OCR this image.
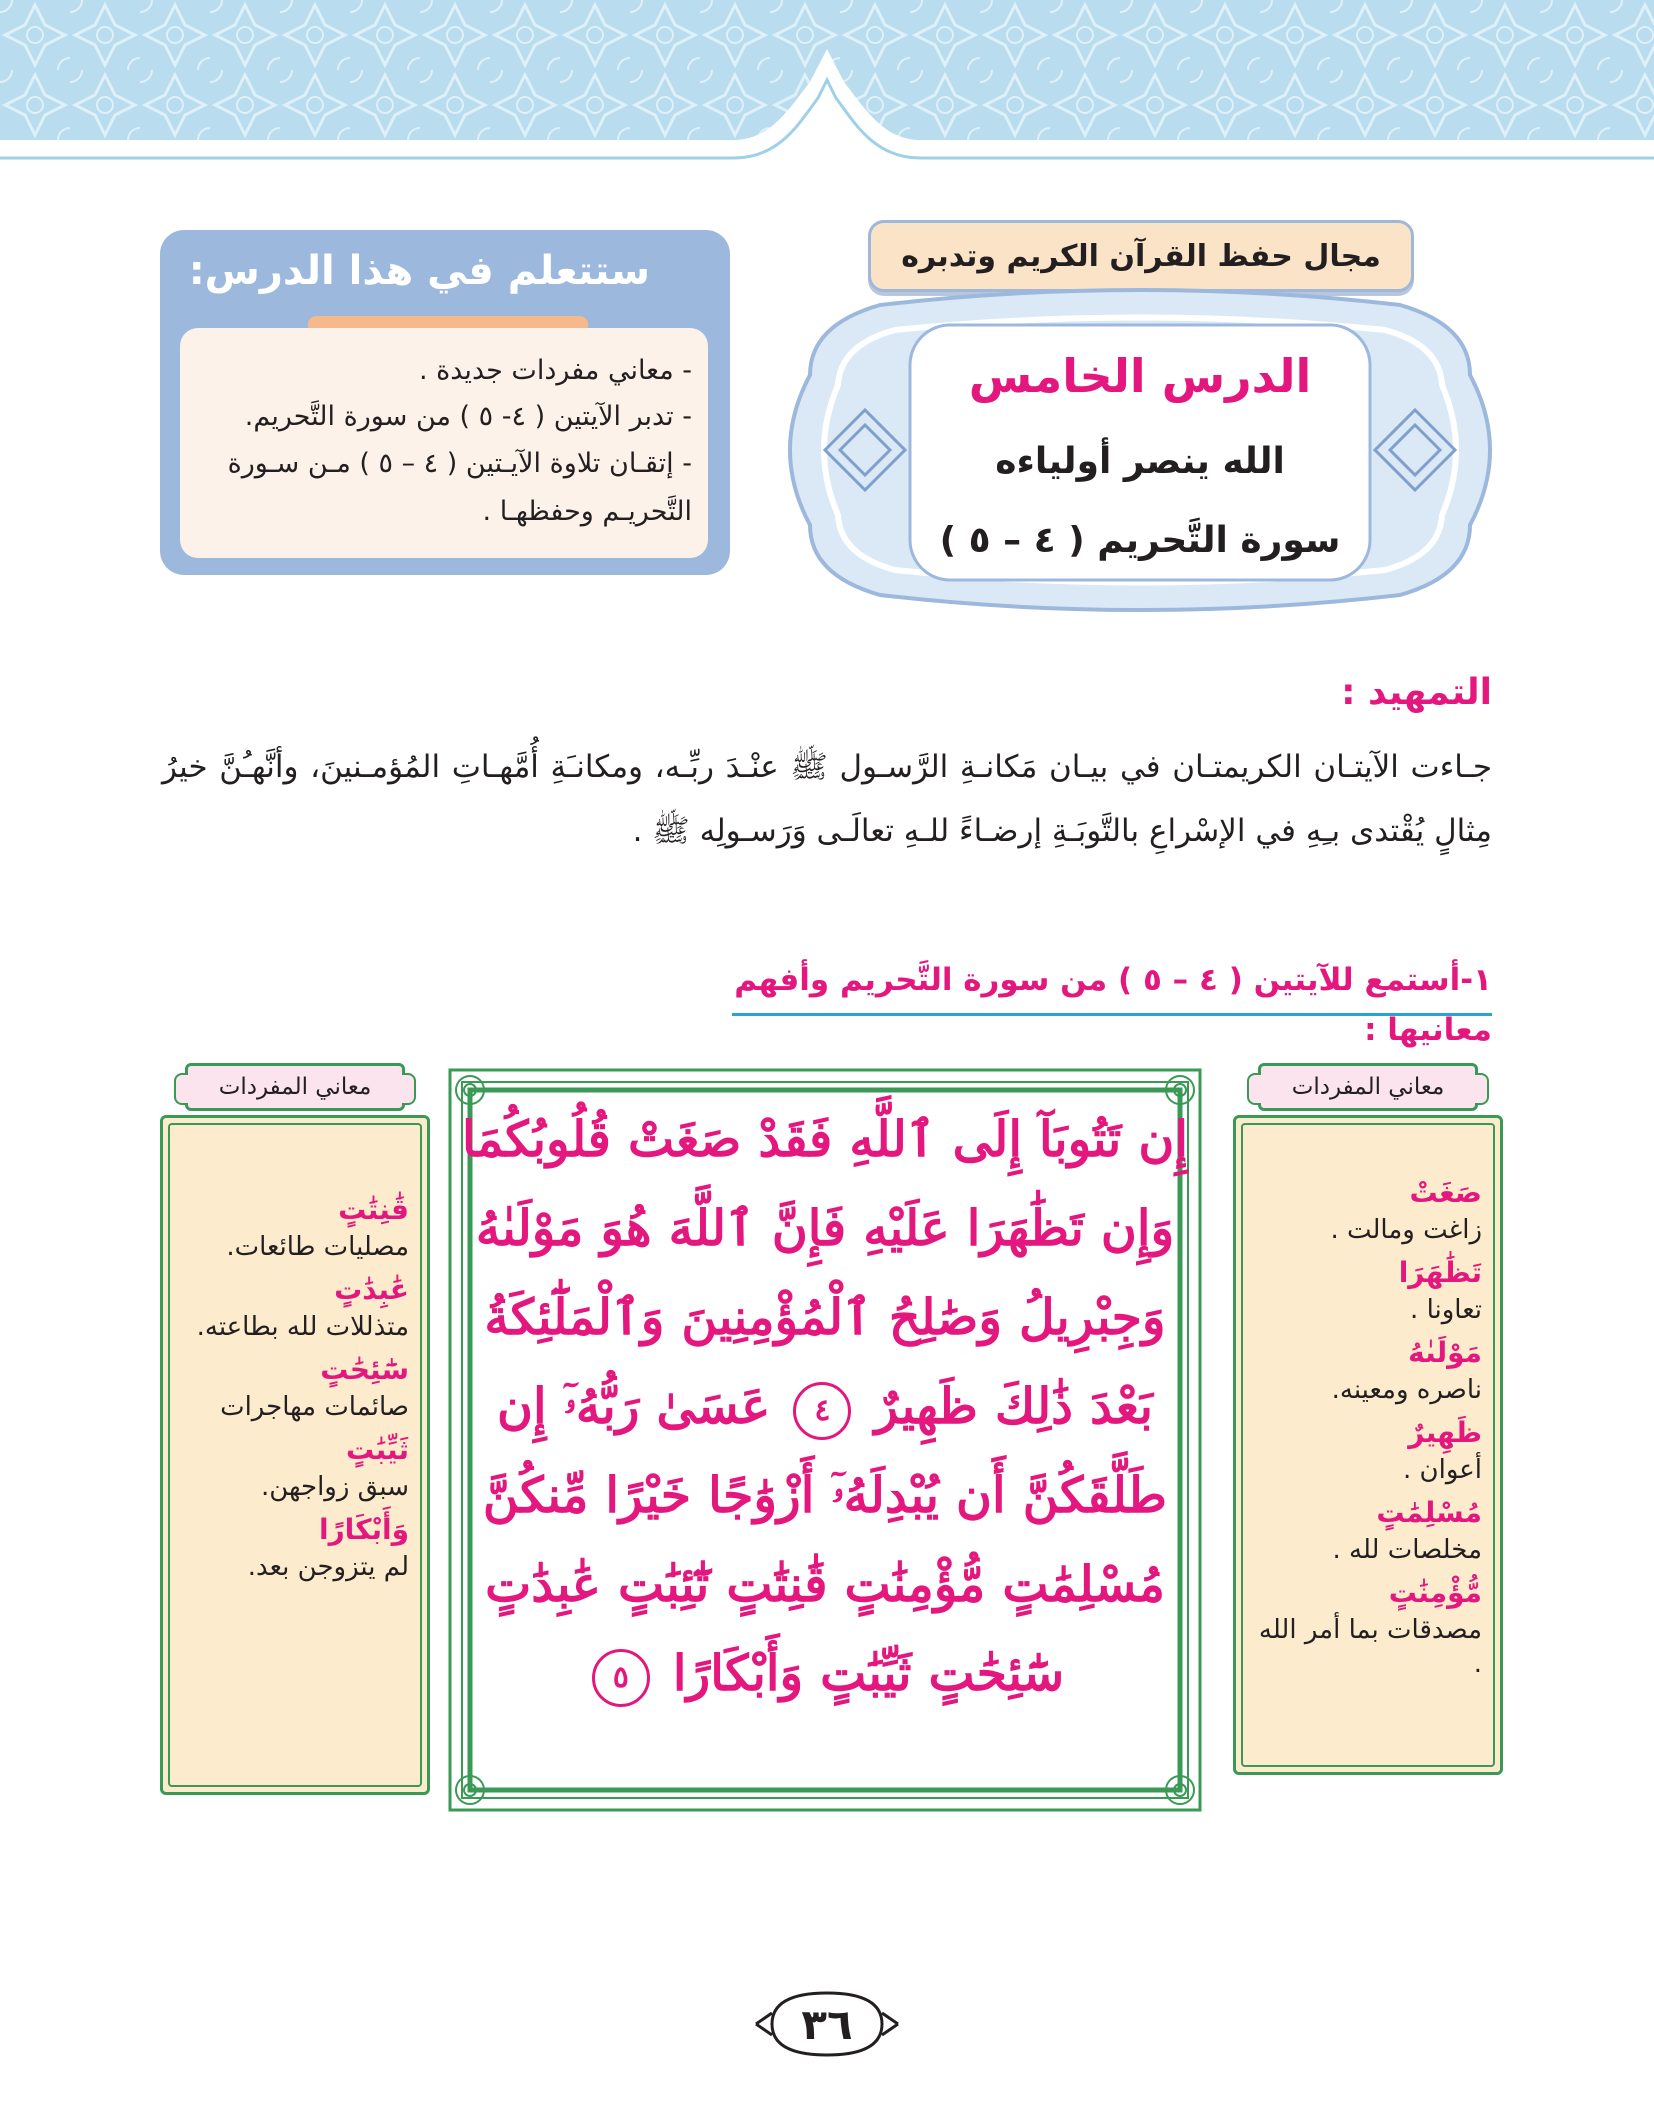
مجال حفظ القرآن الكريم وتدبره
الدرس الخامس
الله ينصر أولياءه
سورة التَّحريم ( ٤ – ٥ )
ستتعلم في هذا الدرس:
- معاني مفردات جديدة .
- تدبر الآيتين ( ٤- ٥ ) من سورة التَّحريم.
- إتقـان تلاوة الآيـتين ( ٤ – ٥ ) مـن سـورة التَّحريـم وحفظهـا .
التمهيد :
جـاءت الآيتـان الكريمتـان في بيـان مَكانـةِ الرَّسـول ﷺ عنْـدَ ربِّـه، ومكانـَةِ أُمَّهـاتِ المُؤمـنينَ، وأنَّهـُنَّ خيرُ مِثالٍ يُقْتدى بـِهِ في الإسْراعِ بالتَّوبَـةِ إرضـاءً للـهِ تعالَـى وَرَسـولِه ﷺ .
١-أستمع للآيتين ( ٤ – ٥ ) من سورة التَّحريم وأفهم معانيها :
صَغَتْ
زاغت ومالت .
تَظَٰهَرَا
تعاونا .
مَوْلَىٰهُ
ناصره ومعينه.
ظَهِيرٌ
أعوان .
مُسْلِمَٰتٍ
مخلصات لله .
مُّؤْمِنَٰتٍ
مصدقات بما أمر الله .
معاني المفردات
قَٰنِتَٰتٍ
مصليات طائعات.
عَٰبِدَٰتٍ
متذللات لله بطاعته.
سَٰٓئِحَٰتٍ
صائمات مهاجرات
ثَيِّبَٰتٍ
سبق زواجهن.
وَأَبْكَارًا
لم يتزوجن بعد.
معاني المفردات
إِن تَتُوبَآ إِلَى ٱللَّهِ فَقَدْ صَغَتْ قُلُوبُكُمَا
وَإِن تَظَٰهَرَا عَلَيْهِ فَإِنَّ ٱللَّهَ هُوَ مَوْلَىٰهُ
وَجِبْرِيلُ وَصَٰلِحُ ٱلْمُؤْمِنِينَ وَٱلْمَلَٰٓئِكَةُ
بَعْدَ ذَٰلِكَ ظَهِيرٌ ٤ عَسَىٰ رَبُّهُۥٓ إِن
طَلَّقَكُنَّ أَن يُبْدِلَهُۥٓ أَزْوَٰجًا خَيْرًا مِّنكُنَّ
مُسْلِمَٰتٍ مُّؤْمِنَٰتٍ قَٰنِتَٰتٍ تَٰٓئِبَٰتٍ عَٰبِدَٰتٍ
سَٰٓئِحَٰتٍ ثَيِّبَٰتٍ وَأَبْكَارًا ٥
٣٦
